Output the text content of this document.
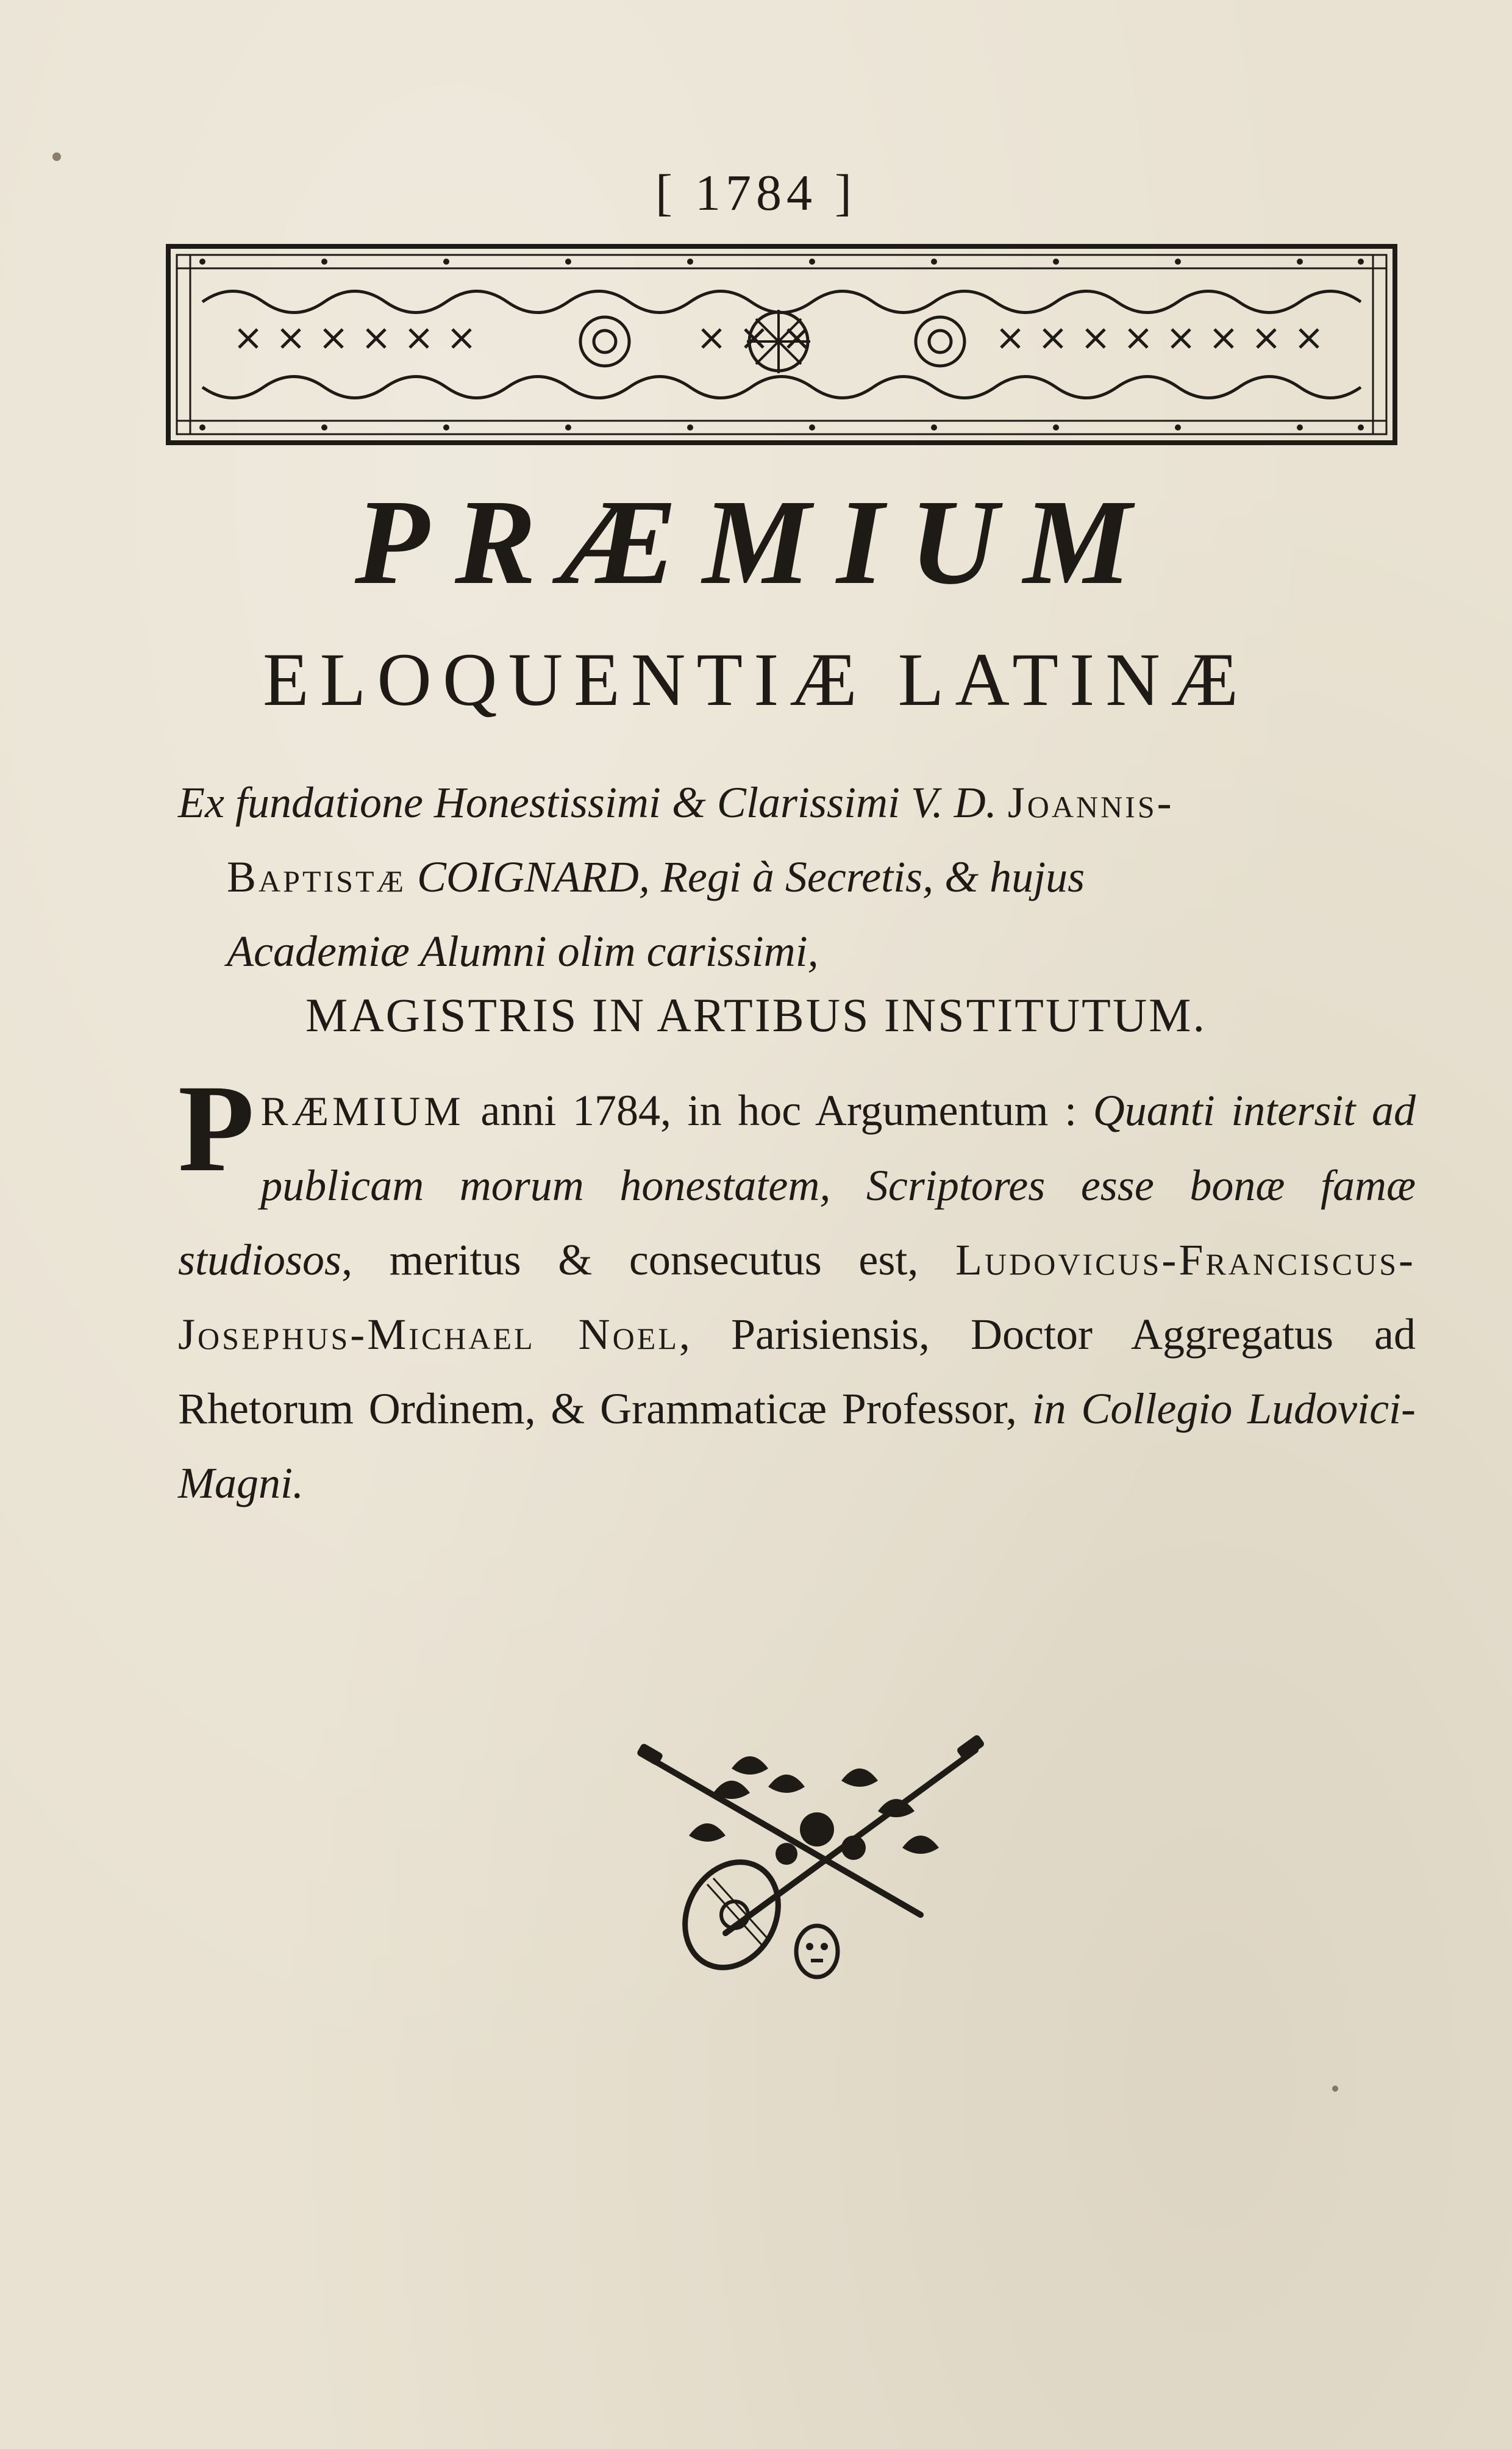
[ 1784 ]
PRÆMIUM
ELOQUENTIÆ LATINÆ
Ex fundatione Honestissimi & Clarissimi V. D. Joannis-
Baptistæ COIGNARD, Regi à Secretis, & hujus
Academiæ Alumni olim carissimi,
MAGISTRIS IN ARTIBUS INSTITUTUM.

PRÆMIUM anni 1784, in hoc Argumentum : Quanti intersit ad publicam morum honestatem, Scriptores esse bonæ famæ studiosos, meritus & consecutus est, Ludovicus-Franciscus-Josephus-Michael Noel, Parisiensis, Doctor Aggregatus ad Rhetorum Ordinem, & Grammaticæ Professor, in Collegio Ludovici-Magni.
